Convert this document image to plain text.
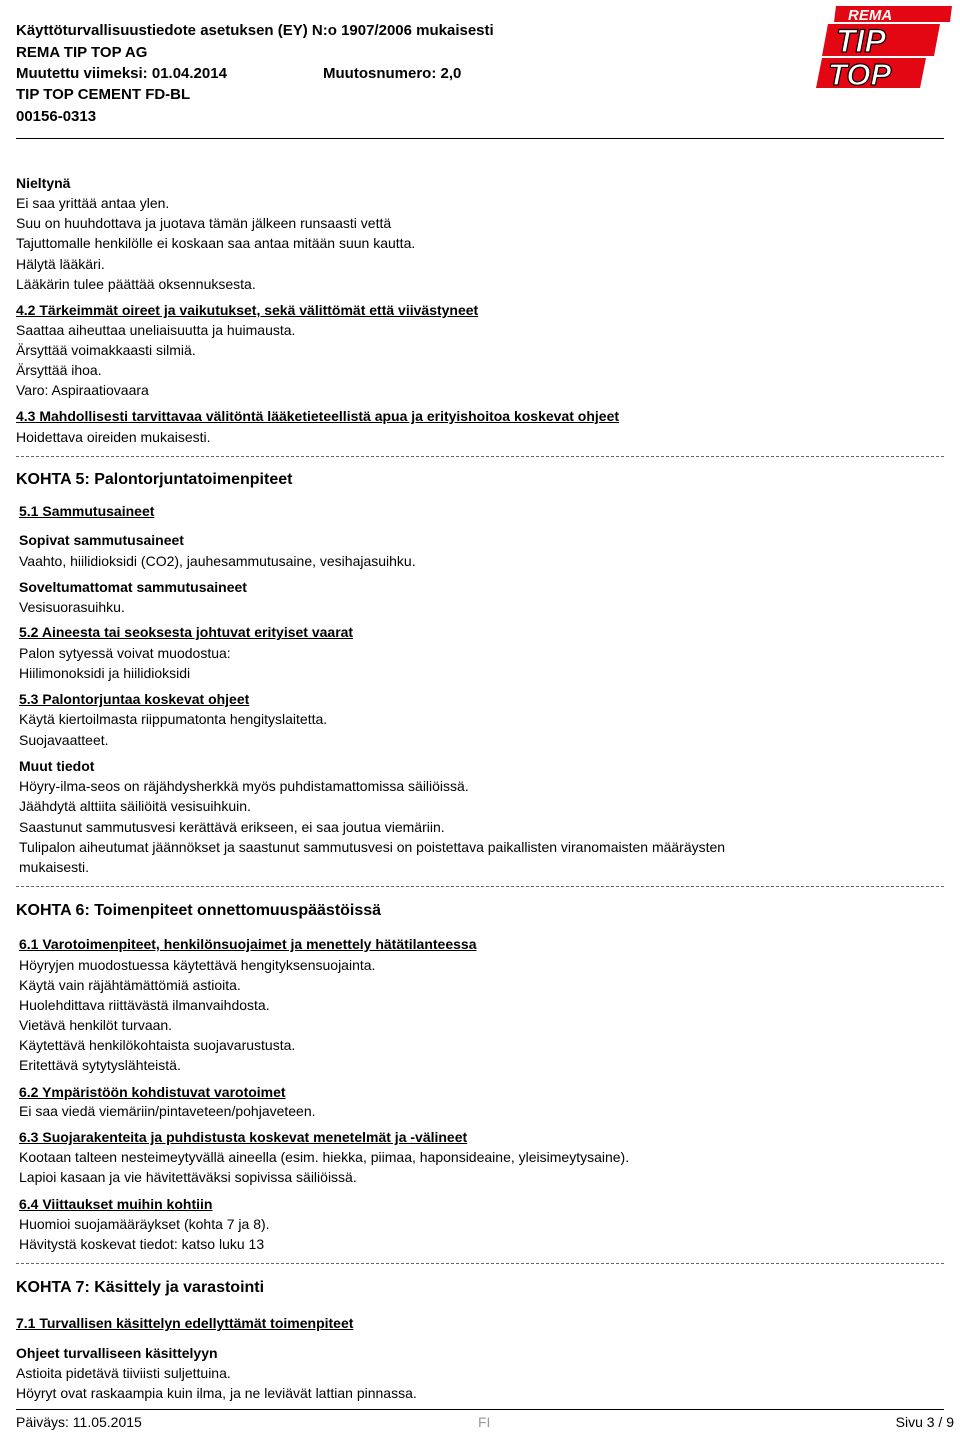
Käyttöturvallisuustiedote asetuksen (EY) N:o 1907/2006 mukaisesti
REMA TIP TOP AG
Muutettu viimeksi: 01.04.2014	Muutosnumero: 2,0
TIP TOP CEMENT FD-BL
00156-0313
REMA
TIP
TOP
Nieltynä
Ei saa yrittää antaa ylen.
Suu on huuhdottava ja juotava tämän jälkeen runsaasti vettä
Tajuttomalle henkilölle ei koskaan saa antaa mitään suun kautta.
Hälytä lääkäri.
Lääkärin tulee päättää oksennuksesta.
4.2 Tärkeimmät oireet ja vaikutukset, sekä välittömät että viivästyneet
Saattaa aiheuttaa uneliaisuutta ja huimausta.
Ärsyttää voimakkaasti silmiä.
Ärsyttää ihoa.
Varo: Aspiraatiovaara
4.3 Mahdollisesti tarvittavaa välitöntä lääketieteellistä apua ja erityishoitoa koskevat ohjeet
Hoidettava oireiden mukaisesti.
KOHTA 5: Palontorjuntatoimenpiteet
5.1 Sammutusaineet
Sopivat sammutusaineet
Vaahto, hiilidioksidi (CO2), jauhesammutusaine, vesihajasuihku.
Soveltumattomat sammutusaineet
Vesisuorasuihku.
5.2 Aineesta tai seoksesta johtuvat erityiset vaarat
Palon sytyessä voivat muodostua:
Hiilimonoksidi ja hiilidioksidi
5.3 Palontorjuntaa koskevat ohjeet
Käytä kiertoilmasta riippumatonta hengityslaitetta.
Suojavaatteet.
Muut tiedot
Höyry-ilma-seos on räjähdysherkkä myös puhdistamattomissa säiliöissä.
Jäähdytä alttiita säiliöitä vesisuihkuin.
Saastunut sammutusvesi kerättävä erikseen, ei saa joutua viemäriin.
Tulipalon aiheutumat jäännökset ja saastunut sammutusvesi on poistettava paikallisten viranomaisten määräysten
mukaisesti.
KOHTA 6: Toimenpiteet onnettomuuspäästöissä
6.1 Varotoimenpiteet, henkilönsuojaimet ja menettely hätätilanteessa
Höyryjen muodostuessa käytettävä hengityksensuojainta.
Käytä vain räjähtämättömiä astioita.
Huolehdittava riittävästä ilmanvaihdosta.
Vietävä henkilöt turvaan.
Käytettävä henkilökohtaista suojavarustusta.
Eritettävä sytytyslähteistä.
6.2 Ympäristöön kohdistuvat varotoimet
Ei saa viedä viemäriin/pintaveteen/pohjaveteen.
6.3 Suojarakenteita ja puhdistusta koskevat menetelmät ja -välineet
Kootaan talteen nesteimeytyvällä aineella (esim. hiekka, piimaa, haponsideaine, yleisimeytysaine).
Lapioi kasaan ja vie hävitettäväksi sopivissa säiliöissä.
6.4 Viittaukset muihin kohtiin
Huomioi suojamääräykset (kohta 7 ja 8).
Hävitystä koskevat tiedot: katso luku 13
KOHTA 7: Käsittely ja varastointi
7.1 Turvallisen käsittelyn edellyttämät toimenpiteet
Ohjeet turvalliseen käsittelyyn
Astioita pidetävä tiiviisti suljettuina.
Höyryt ovat raskaampia kuin ilma, ja ne leviävät lattian pinnassa.
Päiväys: 11.05.2015	FI	Sivu 3 / 9
